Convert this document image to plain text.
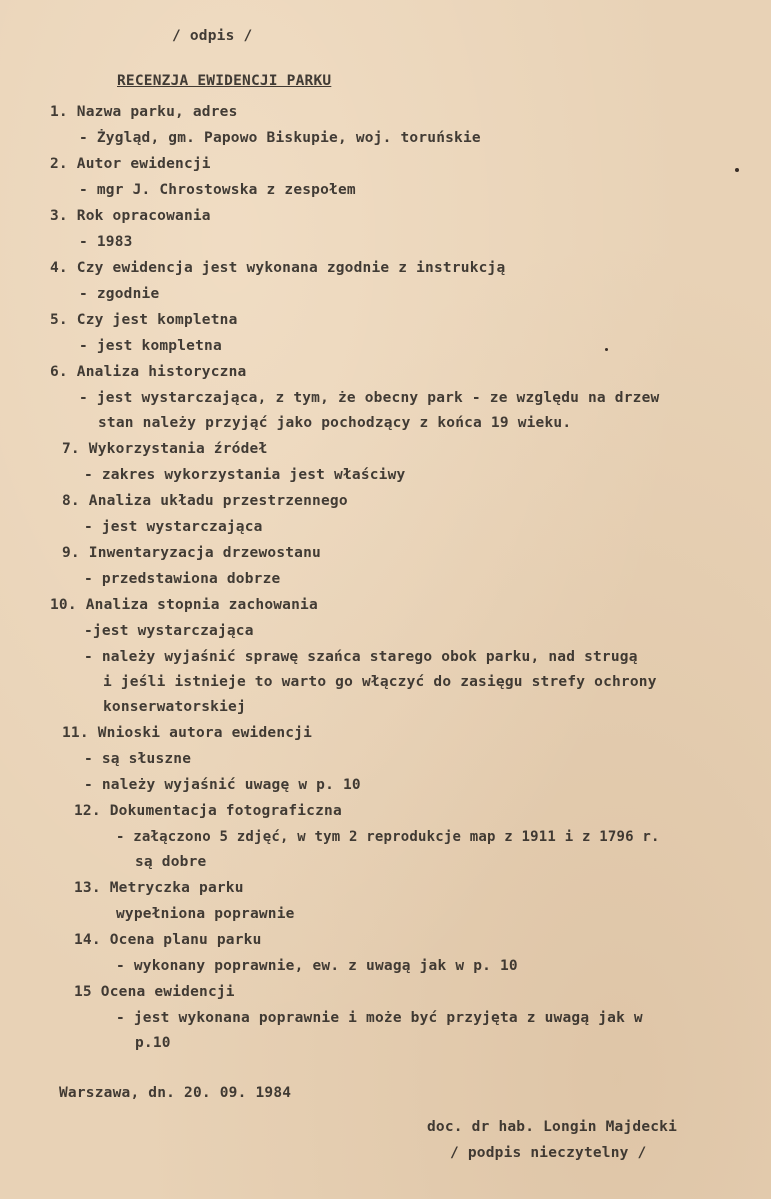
/ odpis /
RECENZJA EWIDENCJI PARKU
1. Nazwa parku, adres
- Żygląd, gm. Papowo Biskupie, woj. toruńskie
2. Autor ewidencji
- mgr J. Chrostowska z zespołem
3. Rok opracowania
- 1983
4. Czy ewidencja jest wykonana zgodnie z instrukcją
- zgodnie
5. Czy jest kompletna
- jest kompletna
6. Analiza historyczna
- jest wystarczająca, z tym, że obecny park - ze względu na drzew
stan należy przyjąć jako pochodzący z końca 19 wieku.
7. Wykorzystania źródeł
- zakres wykorzystania jest właściwy
8. Analiza układu przestrzennego
- jest wystarczająca
9. Inwentaryzacja drzewostanu
- przedstawiona dobrze
10. Analiza stopnia zachowania
-jest wystarczająca
- należy wyjaśnić sprawę szańca starego obok parku, nad strugą
i jeśli istnieje to warto go włączyć do zasięgu strefy ochrony
konserwatorskiej
11. Wnioski autora ewidencji
- są słuszne
- należy wyjaśnić uwagę w p. 10
12. Dokumentacja fotograficzna
- załączono 5 zdjęć, w tym 2 reprodukcje map z 1911 i z 1796 r.
są dobre
13. Metryczka parku
wypełniona poprawnie
14. Ocena planu parku
- wykonany poprawnie, ew. z uwagą jak w p. 10
15 Ocena ewidencji
- jest wykonana poprawnie i może być przyjęta z uwagą jak w
p.10
Warszawa, dn. 20. 09. 1984
doc. dr hab. Longin Majdecki
/ podpis nieczytelny /
